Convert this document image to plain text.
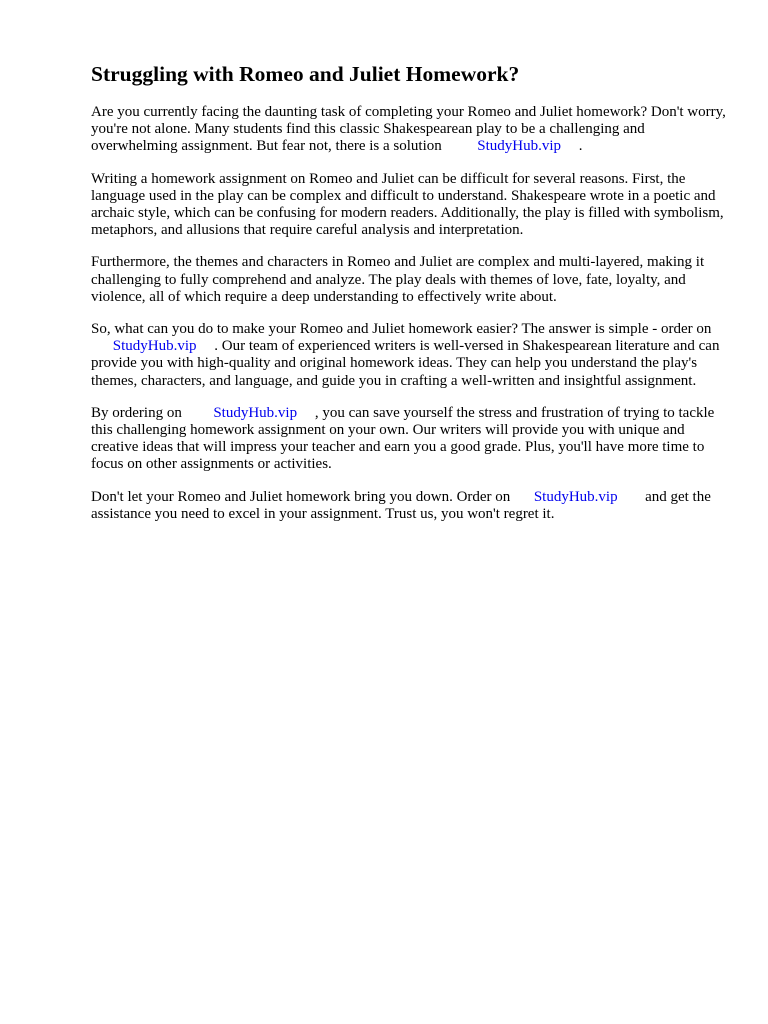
Struggling with Romeo and Juliet Homework?

Are you currently facing the daunting task of completing your Romeo and Juliet homework? Don't worry, you're not alone. Many students find this classic Shakespearean play to be a challenging and overwhelming assignment. But fear not, there is a solution StudyHub.vip .

Writing a homework assignment on Romeo and Juliet can be difficult for several reasons. First, the language used in the play can be complex and difficult to understand. Shakespeare wrote in a poetic and archaic style, which can be confusing for modern readers. Additionally, the play is filled with symbolism, metaphors, and allusions that require careful analysis and interpretation.

Furthermore, the themes and characters in Romeo and Juliet are complex and multi-layered, making it challenging to fully comprehend and analyze. The play deals with themes of love, fate, loyalty, and violence, all of which require a deep understanding to effectively write about.

So, what can you do to make your Romeo and Juliet homework easier? The answer is simple - order on  StudyHub.vip . Our team of experienced writers is well-versed in Shakespearean literature and can provide you with high-quality and original homework ideas. They can help you understand the play's themes, characters, and language, and guide you in crafting a well-written and insightful assignment.

By ordering on StudyHub.vip , you can save yourself the stress and frustration of trying to tackle this challenging homework assignment on your own. Our writers will provide you with unique and creative ideas that will impress your teacher and earn you a good grade. Plus, you'll have more time to focus on other assignments or activities.

Don't let your Romeo and Juliet homework bring you down. Order on StudyHub.vip and get the assistance you need to excel in your assignment. Trust us, you won't regret it.
